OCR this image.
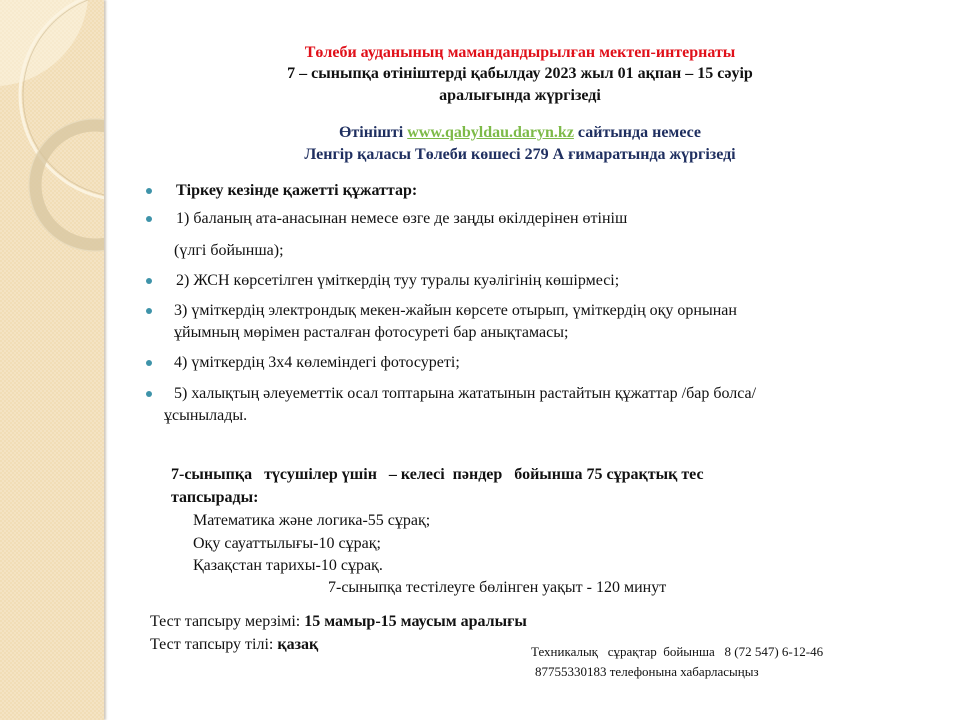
Төлеби ауданының мамандандырылған мектеп-интернаты
7 – сыныпқа өтініштерді қабылдау 2023 жыл 01 ақпан – 15 сәуір
аралығында жүргізеді
Өтінішті www.qabyldau.daryn.kz сайтында немесе
Ленгір қаласы Төлеби көшесі 279 А ғимаратында жүргізеді
Тіркеу кезінде қажетті құжаттар:
1) баланың ата-анасынан немесе өзге де заңды өкілдерінен өтініш
(үлгі бойынша);
2) ЖСН көрсетілген үміткердің туу туралы куәлігінің көшірмесі;
3) үміткердің электрондық мекен-жайын көрсете отырып, үміткердің оқу орнынан
ұйымның мөрімен расталған фотосуреті бар анықтамасы;
4) үміткердің 3х4 көлеміндегі фотосуреті;
5) халықтың әлеуеметтік осал топтарына жататынын растайтын құжаттар /бар болса/
ұсынылады.
7-сыныпқа   түсушілер үшін   – келесі  пәндер   бойынша 75 сұрақтық тес
тапсырады:
Математика және логика-55 сұрақ;
Оқу сауаттылығы-10 сұрақ;
Қазақстан тарихы-10 сұрақ.
7-сыныпқа тестілеуге бөлінген уақыт - 120 минут
Тест тапсыру мерзімі: 15 мамыр-15 маусым аралығы
Тест тапсыру тілі: қазақ	Техникалық   сұрақтар  бойынша   8 (72 547) 6-12-46
87755330183 телефонына хабарласыңыз
